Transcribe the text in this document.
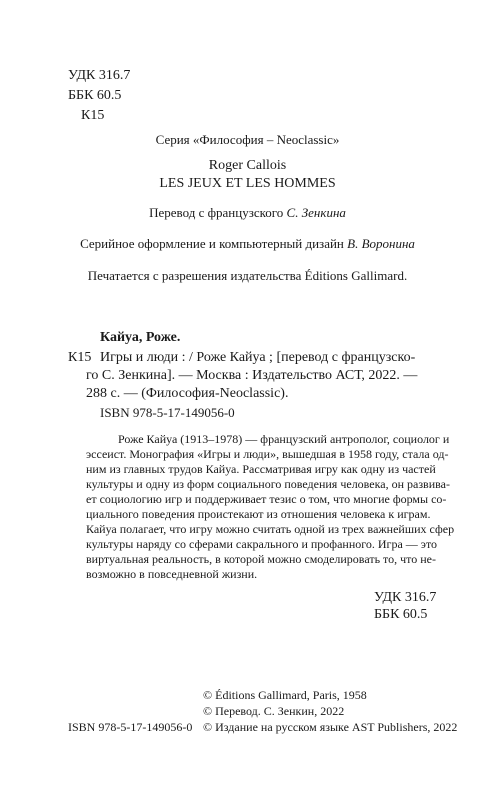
УДК 316.7
ББК 60.5
К15
Серия «Философия – Neoclassic»
Roger Callois
LES JEUX ET LES HOMMES
Перевод с французского С. Зенкина
Серийное оформление и компьютерный дизайн В. Воронина
Печатается с разрешения издательства Éditions Gallimard.
Кайуа, Роже.
К15 Игры и люди : / Роже Кайуа ; [перевод с французско-
го С. Зенкина]. — Москва : Издательство АСТ, 2022. —
288 с. — (Философия-Neoclassic).
ISBN 978-5-17-149056-0
Роже Кайуа (1913–1978) — французский антрополог, социолог и
эссеист. Монография «Игры и люди», вышедшая в 1958 году, стала од-
ним из главных трудов Кайуа. Рассматривая игру как одну из частей
культуры и одну из форм социального поведения человека, он развива-
ет социологию игр и поддерживает тезис о том, что многие формы со-
циального поведения проистекают из отношения человека к играм.
Кайуа полагает, что игру можно считать одной из трех важнейших сфер
культуры наряду со сферами сакрального и профанного. Игра — это
виртуальная реальность, в которой можно смоделировать то, что не-
возможно в повседневной жизни.
УДК 316.7
ББК 60.5
© Éditions Gallimard, Paris, 1958
© Перевод. С. Зенкин, 2022
© Издание на русском языке AST Publishers, 2022
ISBN 978-5-17-149056-0
